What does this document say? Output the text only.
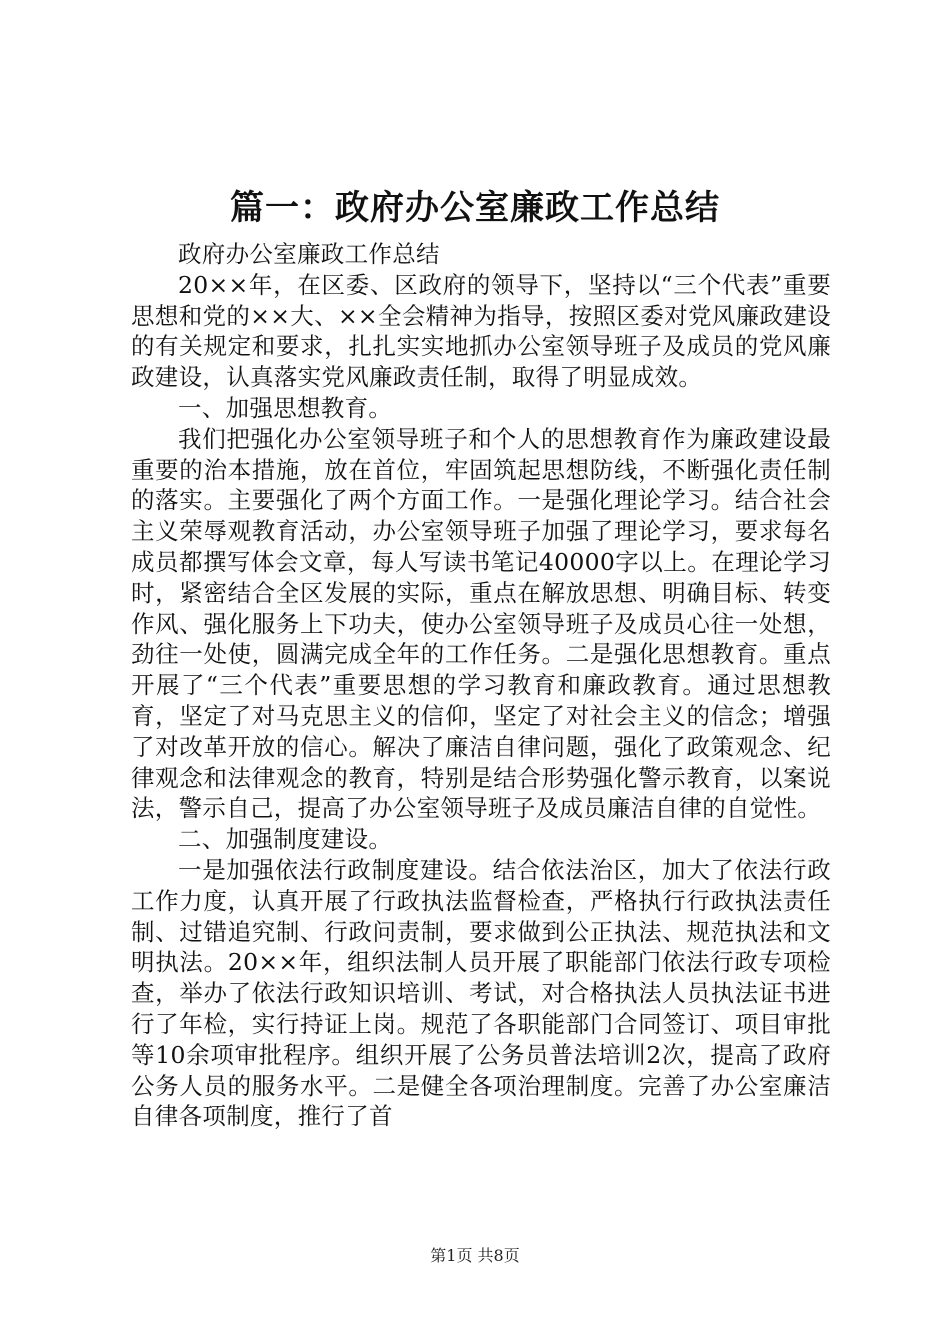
篇一：政府办公室廉政工作总结

政府办公室廉政工作总结

20××年，在区委、区政府的领导下，坚持以“三个代表”重要思想和党的××大、××全会精神为指导，按照区委对党风廉政建设的有关规定和要求，扎扎实实地抓办公室领导班子及成员的党风廉政建设，认真落实党风廉政责任制，取得了明显成效。

一、加强思想教育。

我们把强化办公室领导班子和个人的思想教育作为廉政建设最重要的治本措施，放在首位，牢固筑起思想防线，不断强化责任制的落实。主要强化了两个方面工作。一是强化理论学习。结合社会主义荣辱观教育活动，办公室领导班子加强了理论学习，要求每名成员都撰写体会文章，每人写读书笔记40000字以上。在理论学习时，紧密结合全区发展的实际，重点在解放思想、明确目标、转变作风、强化服务上下功夫，使办公室领导班子及成员心往一处想，劲往一处使，圆满完成全年的工作任务。二是强化思想教育。重点开展了“三个代表”重要思想的学习教育和廉政教育。通过思想教育，坚定了对马克思主义的信仰，坚定了对社会主义的信念；增强了对改革开放的信心。解决了廉洁自律问题，强化了政策观念、纪律观念和法律观念的教育，特别是结合形势强化警示教育，以案说法，警示自己，提高了办公室领导班子及成员廉洁自律的自觉性。

二、加强制度建设。

一是加强依法行政制度建设。结合依法治区，加大了依法行政工作力度，认真开展了行政执法监督检查，严格执行行政执法责任制、过错追究制、行政问责制，要求做到公正执法、规范执法和文明执法。20××年，组织法制人员开展了职能部门依法行政专项检查，举办了依法行政知识培训、考试，对合格执法人员执法证书进行了年检，实行持证上岗。规范了各职能部门合同签订、项目审批等10余项审批程序。组织开展了公务员普法培训2次，提高了政府公务人员的服务水平。二是健全各项治理制度。完善了办公室廉洁自律各项制度，推行了首

第1页 共8页
